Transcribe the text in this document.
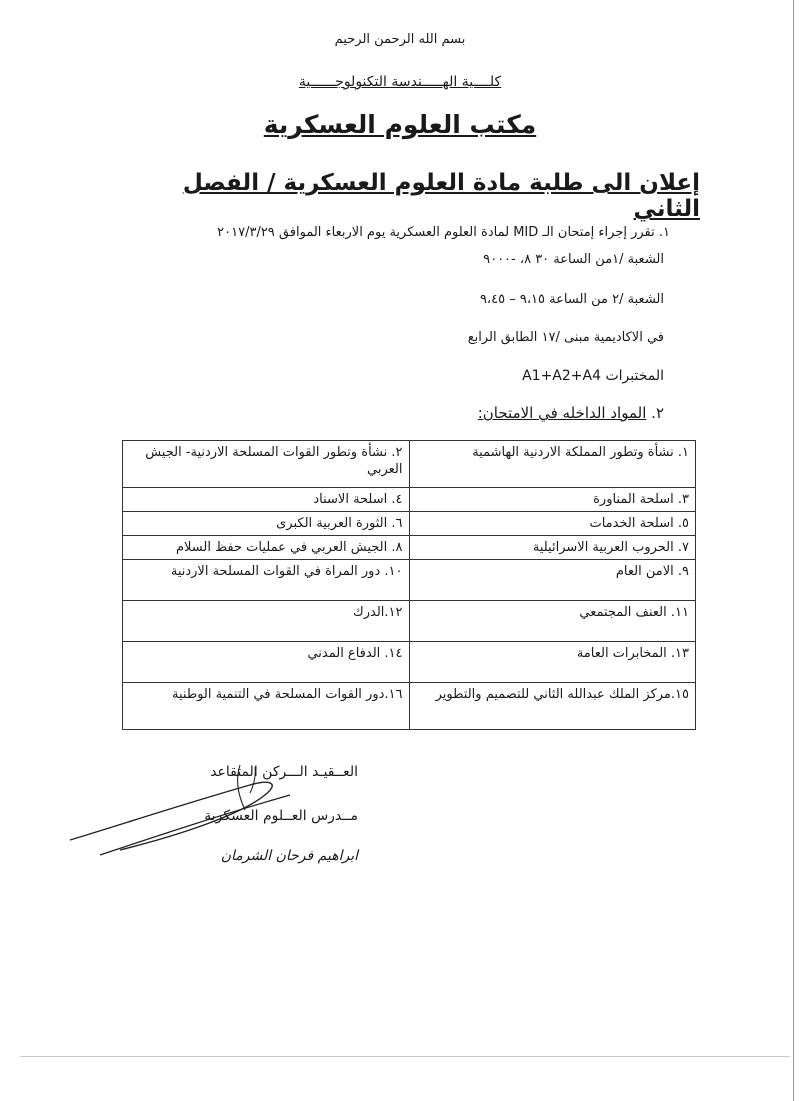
بسم الله الرحمن الرحيم
كلــــية الهـــــندسة التكنولوجــــــية
مكتب العلوم العسكرية
إعلان الى طلبة مادة العلوم العسكرية / الفصل الثاني
١. تقرر إجراء إمتحان الـ MID لمادة العلوم العسكرية يوم الاربعاء الموافق ٢٠١٧/٣/٢٩
الشعبة /١من الساعة ٣٠ ٨، -٩٠٠٠
الشعبة /٢ من الساعة ٩،١٥ – ٩،٤٥
في الاكاديمية مبنى /١٧ الطابق الرابع
المختبرات A1+A2+A4
٢. المواد الداخله في الامتحان:
١. نشأة وتطور المملكة الاردنية الهاشمية	٢. نشأة وتطور القوات المسلحة الاردنية- الجيش العربي
٣. اسلحة المناورة	٤. اسلحة الاسناد
٥. اسلحة الخدمات	٦. الثورة العربية الكبرى
٧. الحروب العربية الاسرائيلية	٨. الجيش العربي في عمليات حفظ السلام
٩. الامن العام	١٠. دور المراة في القوات المسلحة الاردنية
١١. العنف المجتمعي	١٢.الدرك
١٣. المخابرات العامة	١٤. الدفاع المدني
١٥.مركز الملك عبدالله الثاني للتصميم والتطوير	١٦.دور القوات المسلحة في التنمية الوطنية
العــقيـد الـــركن المتقاعد
مــدرس العــلوم العسكرية
ابراهيم فرحان الشرمان
